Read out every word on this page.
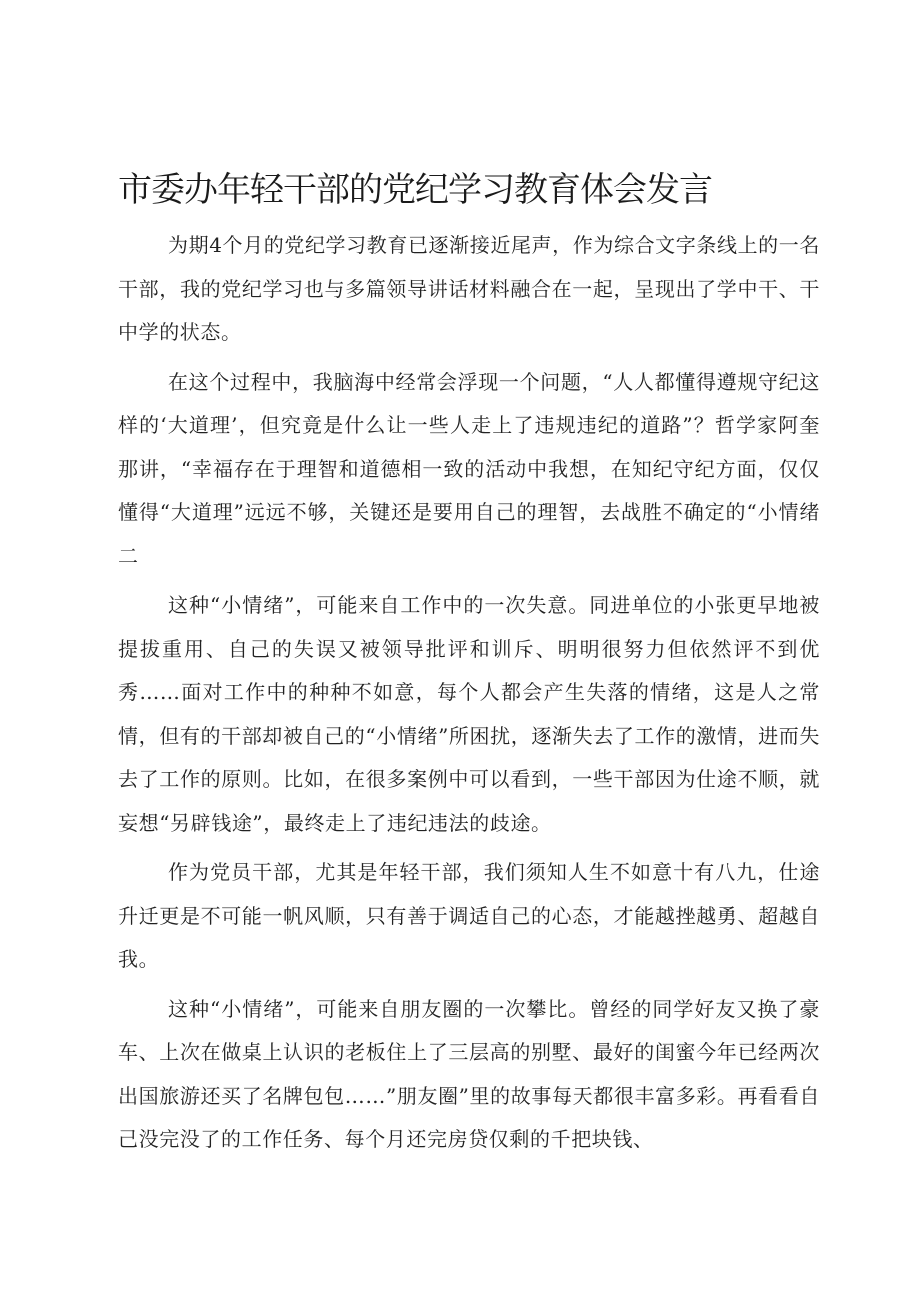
市委办年轻干部的党纪学习教育体会发言

为期4个月的党纪学习教育已逐渐接近尾声，作为综合文字条线上的一名干部，我的党纪学习也与多篇领导讲话材料融合在一起，呈现出了学中干、干中学的状态。

在这个过程中，我脑海中经常会浮现一个问题，“人人都懂得遵规守纪这样的‘大道理’，但究竟是什么让一些人走上了违规违纪的道路”？哲学家阿奎那讲，“幸福存在于理智和道德相一致的活动中我想，在知纪守纪方面，仅仅懂得“大道理”远远不够，关键还是要用自己的理智，去战胜不确定的“小情绪二

这种“小情绪”，可能来自工作中的一次失意。同进单位的小张更早地被提拔重用、自己的失误又被领导批评和训斥、明明很努力但依然评不到优秀……面对工作中的种种不如意，每个人都会产生失落的情绪，这是人之常情，但有的干部却被自己的“小情绪”所困扰，逐渐失去了工作的激情，进而失去了工作的原则。比如，在很多案例中可以看到，一些干部因为仕途不顺，就妄想“另辟钱途”，最终走上了违纪违法的歧途。

作为党员干部，尤其是年轻干部，我们须知人生不如意十有八九，仕途升迁更是不可能一帆风顺，只有善于调适自己的心态，才能越挫越勇、超越自我。

这种“小情绪”，可能来自朋友圈的一次攀比。曾经的同学好友又换了豪车、上次在做桌上认识的老板住上了三层高的别墅、最好的闺蜜今年已经两次出国旅游还买了名牌包包……”朋友圈”里的故事每天都很丰富多彩。再看看自己没完没了的工作任务、每个月还完房贷仅剩的千把块钱、
